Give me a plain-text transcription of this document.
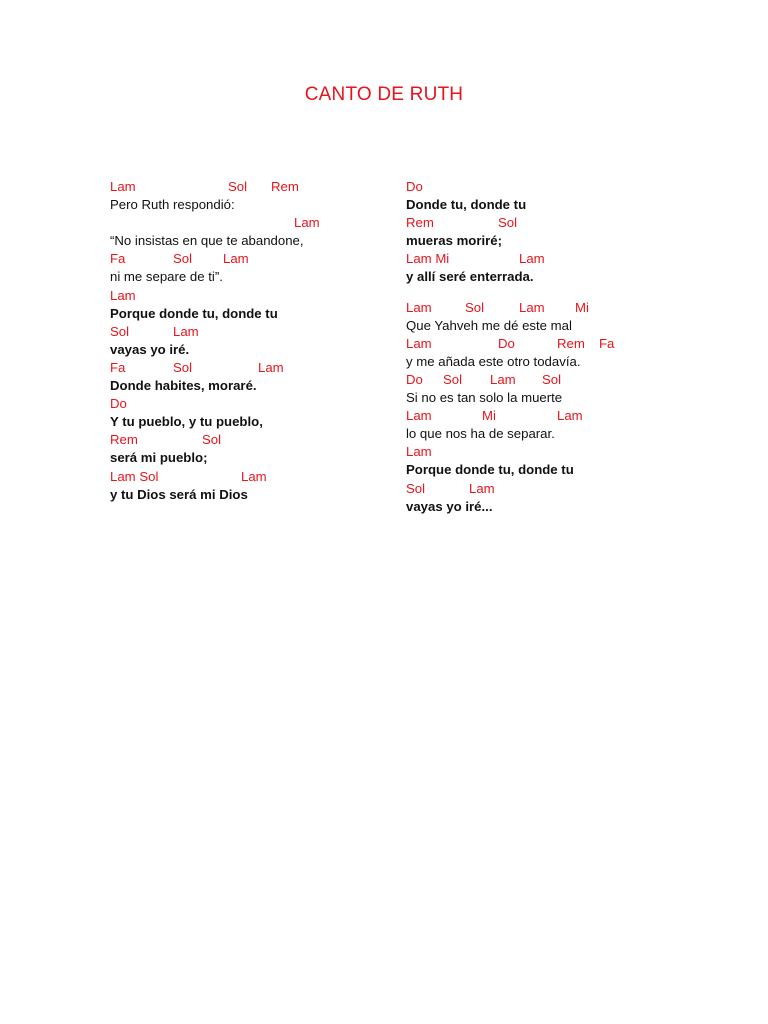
CANTO DE RUTH

Lam

	Sol

Rem

Pero Ruth respondió:

Lam

“No insistas en que te abandone,

Fa

	Sol

Lam

ni me separe de ti”.

Lam

Porque donde tu, donde tu

Sol

	Lam

vayas yo iré.

Fa

	Sol

	Lam

Donde habites, moraré.

Do

Y tu pueblo, y tu pueblo,

Rem

	Sol

será mi pueblo;

Lam Sol

	Lam

y tu Dios será mi Dios

Do

Donde tu, donde tu

Rem

	Sol

mueras moriré;

Lam Mi

	Lam

y allí seré enterrada.

Lam

	Sol

	Lam

Mi

Que Yahveh me dé este mal

Lam

	Do

	Rem

Fa

y me añada este otro todavía.

Do

Sol

Lam

Sol

Si no es tan solo la muerte

Lam

	Mi

	Lam

lo que nos ha de separar.

Lam

Porque donde tu, donde tu

Sol

	Lam

vayas yo iré...
